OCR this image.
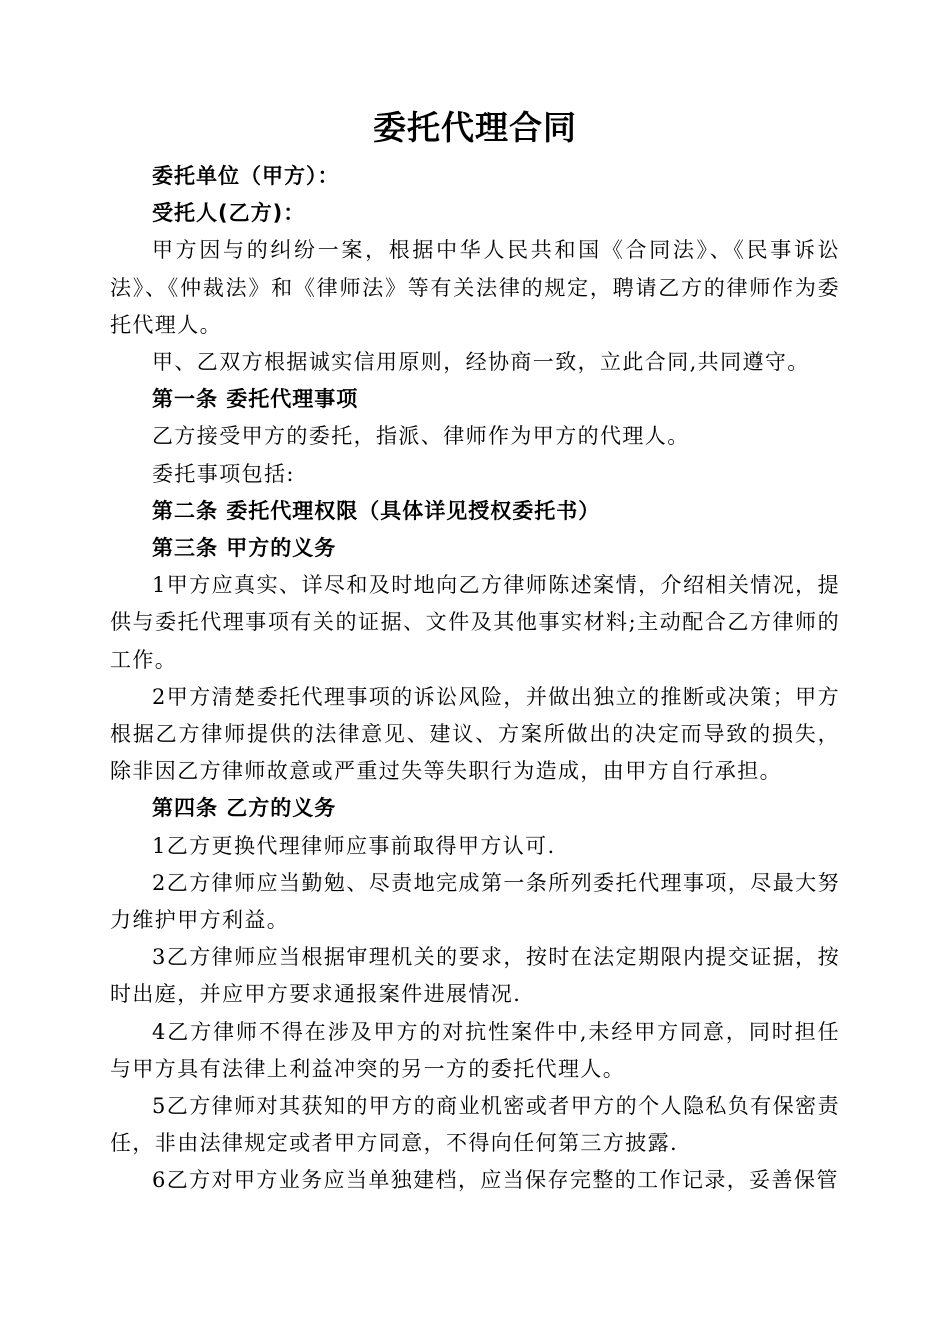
委托代理合同

委托单位（甲方）：

受托人(乙方)：

甲方因与的纠纷一案，根据中华人民共和国《合同法》、《民事诉讼法》、《仲裁法》和《律师法》等有关法律的规定，聘请乙方的律师作为委托代理人。

甲、乙双方根据诚实信用原则，经协商一致，立此合同,共同遵守。

第一条 委托代理事项

乙方接受甲方的委托，指派、律师作为甲方的代理人。

委托事项包括:

第二条 委托代理权限（具体详见授权委托书）

第三条 甲方的义务

1甲方应真实、详尽和及时地向乙方律师陈述案情，介绍相关情况，提供与委托代理事项有关的证据、文件及其他事实材料;主动配合乙方律师的工作。

2甲方清楚委托代理事项的诉讼风险，并做出独立的推断或决策；甲方根据乙方律师提供的法律意见、建议、方案所做出的决定而导致的损失，除非因乙方律师故意或严重过失等失职行为造成，由甲方自行承担。

第四条 乙方的义务

1乙方更换代理律师应事前取得甲方认可.

2乙方律师应当勤勉、尽责地完成第一条所列委托代理事项，尽最大努力维护甲方利益。

3乙方律师应当根据审理机关的要求，按时在法定期限内提交证据，按时出庭，并应甲方要求通报案件进展情况.

4乙方律师不得在涉及甲方的对抗性案件中,未经甲方同意，同时担任与甲方具有法律上利益冲突的另一方的委托代理人。

5乙方律师对其获知的甲方的商业机密或者甲方的个人隐私负有保密责任，非由法律规定或者甲方同意，不得向任何第三方披露.

6乙方对甲方业务应当单独建档，应当保存完整的工作记录，妥善保管
